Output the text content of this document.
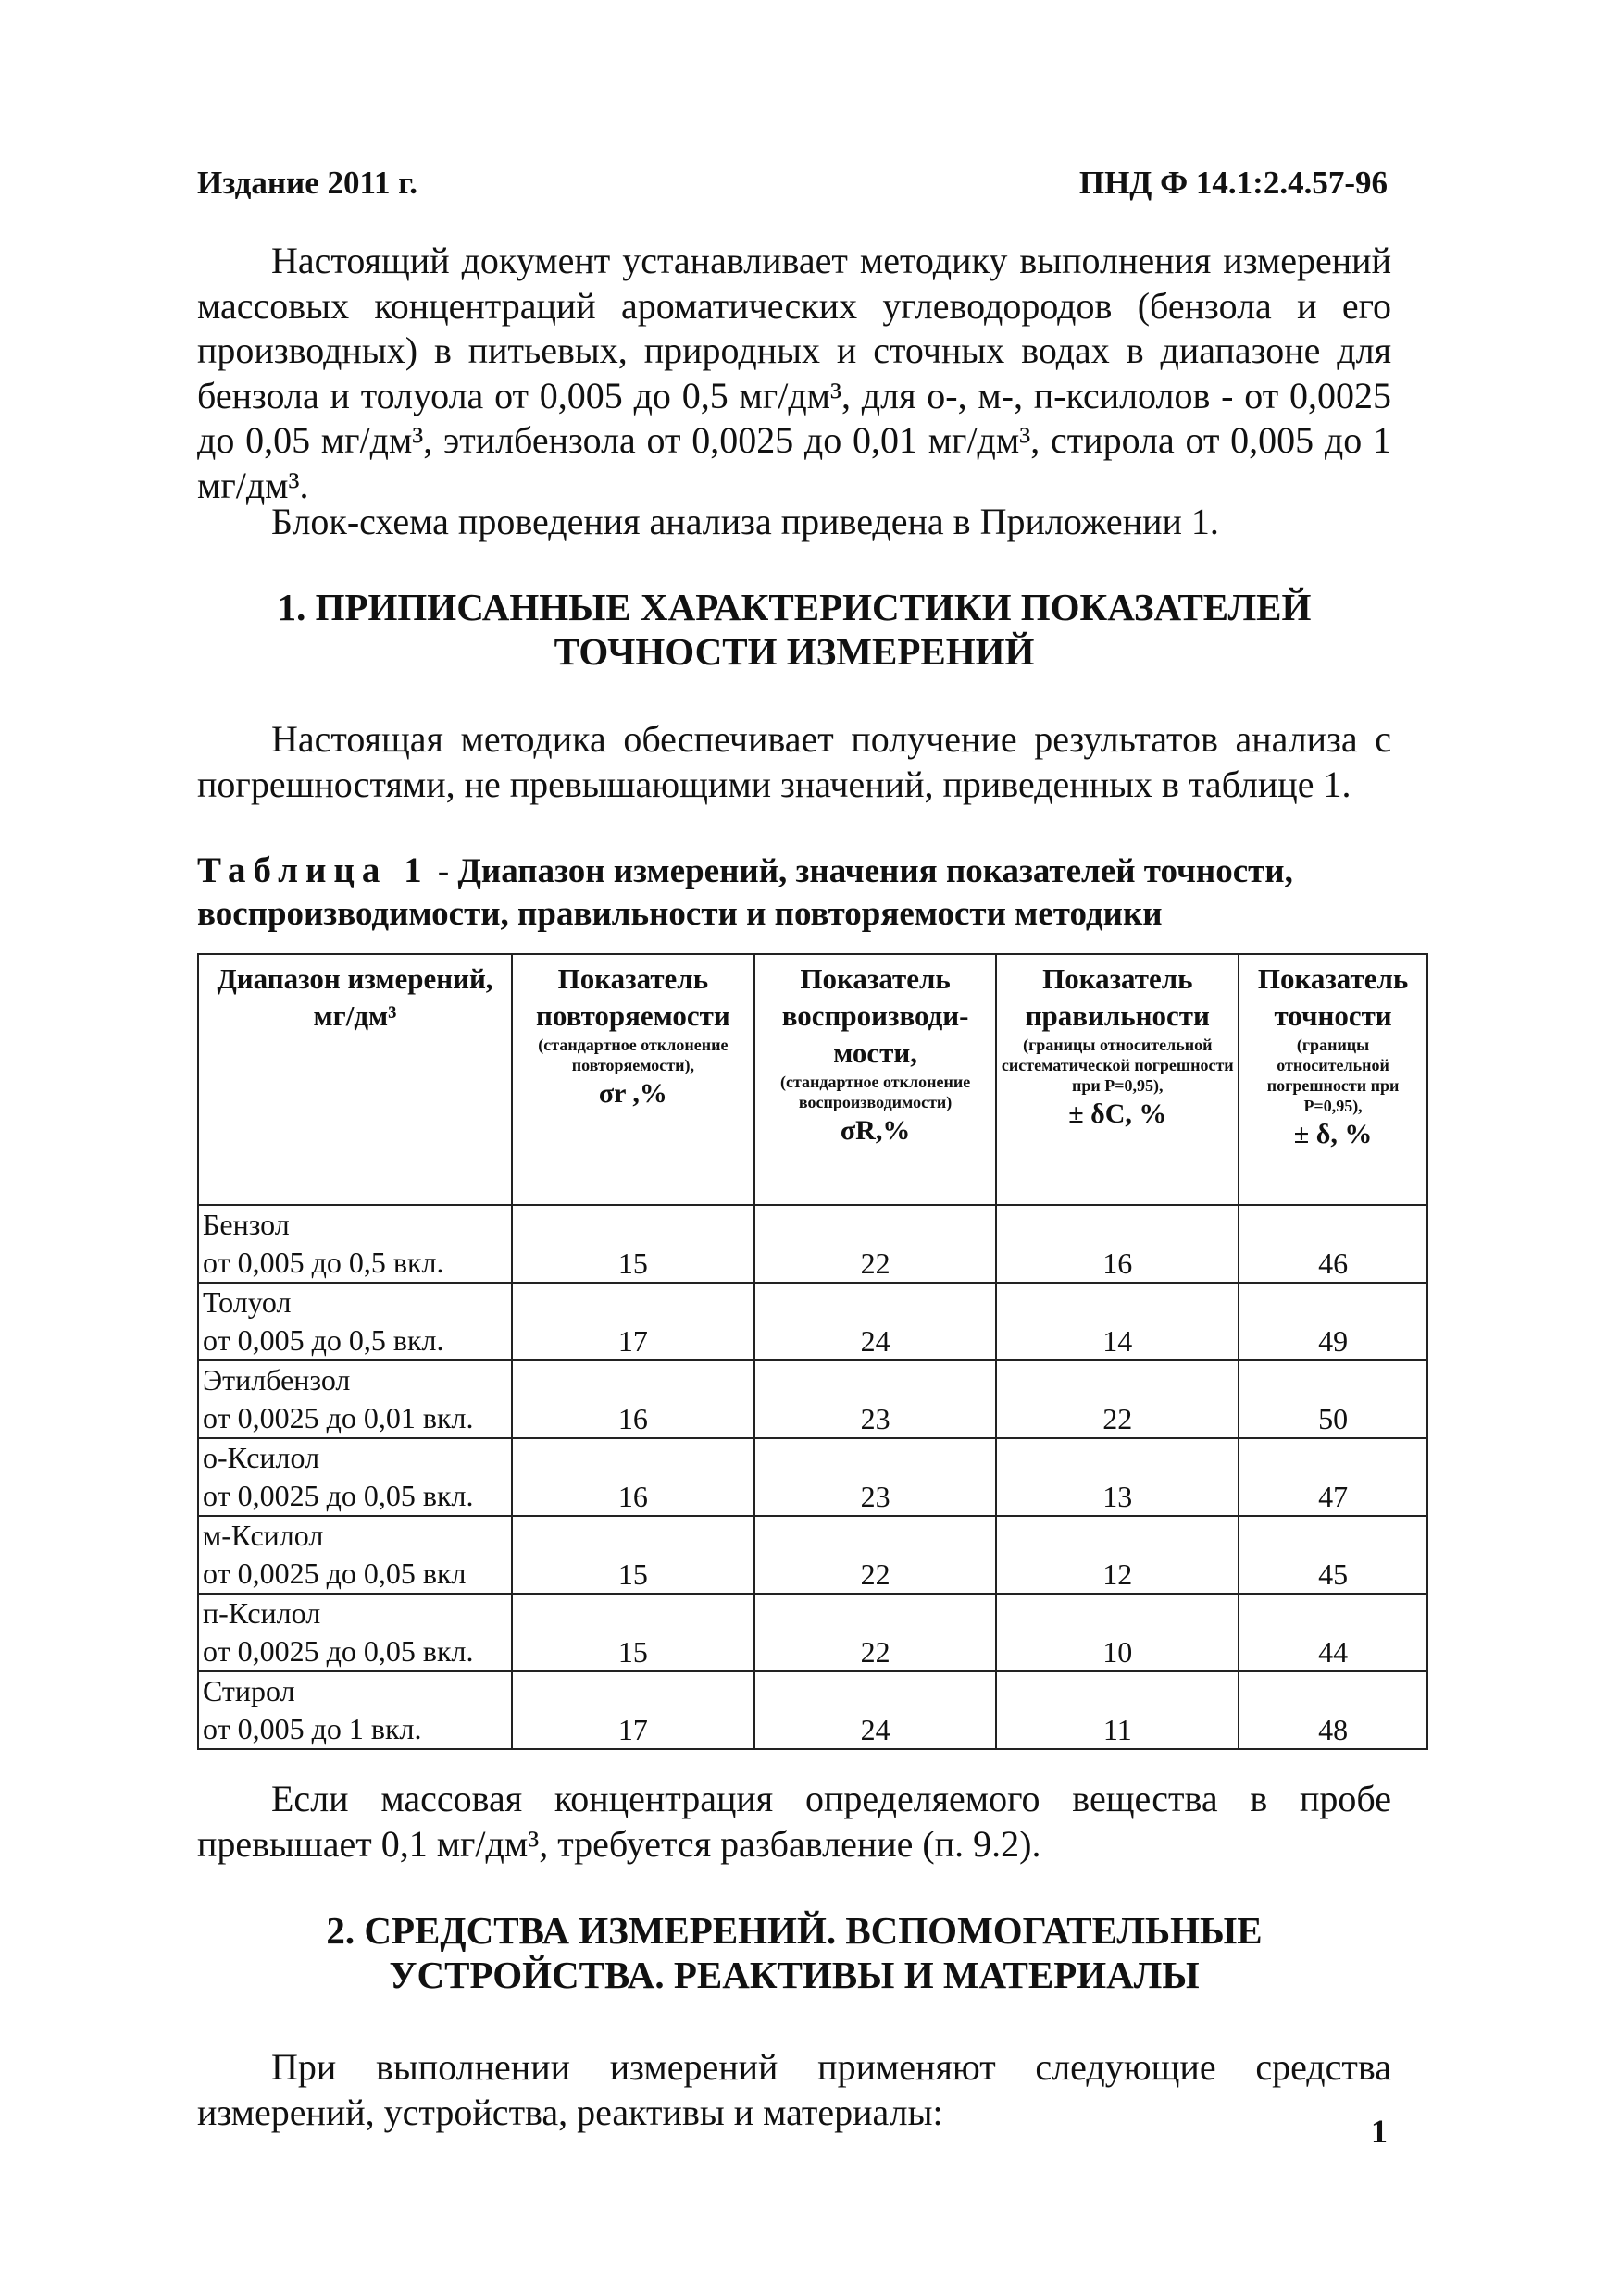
Издание 2011 г.	ПНД Ф 14.1:2.4.57-96

Настоящий документ устанавливает методику выполнения измерений массовых концентраций ароматических углеводородов (бензола и его производных) в питьевых, природных и сточных водах в диапазоне для бензола и толуола от 0,005 до 0,5 мг/дм³, для о-, м-, п-ксилолов - от 0,0025 до 0,05 мг/дм³, этилбензола от 0,0025 до 0,01 мг/дм³, стирола от 0,005 до 1 мг/дм³.

Блок-схема проведения анализа приведена в Приложении 1.

1. ПРИПИСАННЫЕ ХАРАКТЕРИСТИКИ ПОКАЗАТЕЛЕЙ
ТОЧНОСТИ ИЗМЕРЕНИЙ

Настоящая методика обеспечивает получение результатов анализа с погрешностями, не превышающими значений, приведенных в таблице 1.

Таблица 1 - Диапазон измерений, значения показателей точности, воспроизводимости, правильности и повторяемости методики

Диапазон измерений, мг/дм³	Показатель повторяемости
(стандартное отклонение повторяемости),
σr ,%	Показатель воспроизводи-мости,
(стандартное отклонение воспроизводимости)
σR,%	Показатель правильности
(границы относительной систематической погрешности при P=0,95),
± δC, %	Показатель точности
(границы относительной погрешности при P=0,95),
± δ, %

Бензол
от 0,005 до 0,5 вкл.	15	22	16	46

Толуол
от 0,005 до 0,5 вкл.	17	24	14	49

Этилбензол
от 0,0025 до 0,01 вкл.	16	23	22	50

о-Ксилол
от 0,0025 до 0,05 вкл.	16	23	13	47

м-Ксилол
от 0,0025 до 0,05 вкл	15	22	12	45

п-Ксилол
от 0,0025 до 0,05 вкл.	15	22	10	44

Стирол
от 0,005 до 1 вкл.	17	24	11	48

Если массовая концентрация определяемого вещества в пробе превышает 0,1 мг/дм³, требуется разбавление (п. 9.2).

2. СРЕДСТВА ИЗМЕРЕНИЙ. ВСПОМОГАТЕЛЬНЫЕ
УСТРОЙСТВА. РЕАКТИВЫ И МАТЕРИАЛЫ

При выполнении измерений применяют следующие средства измерений, устройства, реактивы и материалы:	1
